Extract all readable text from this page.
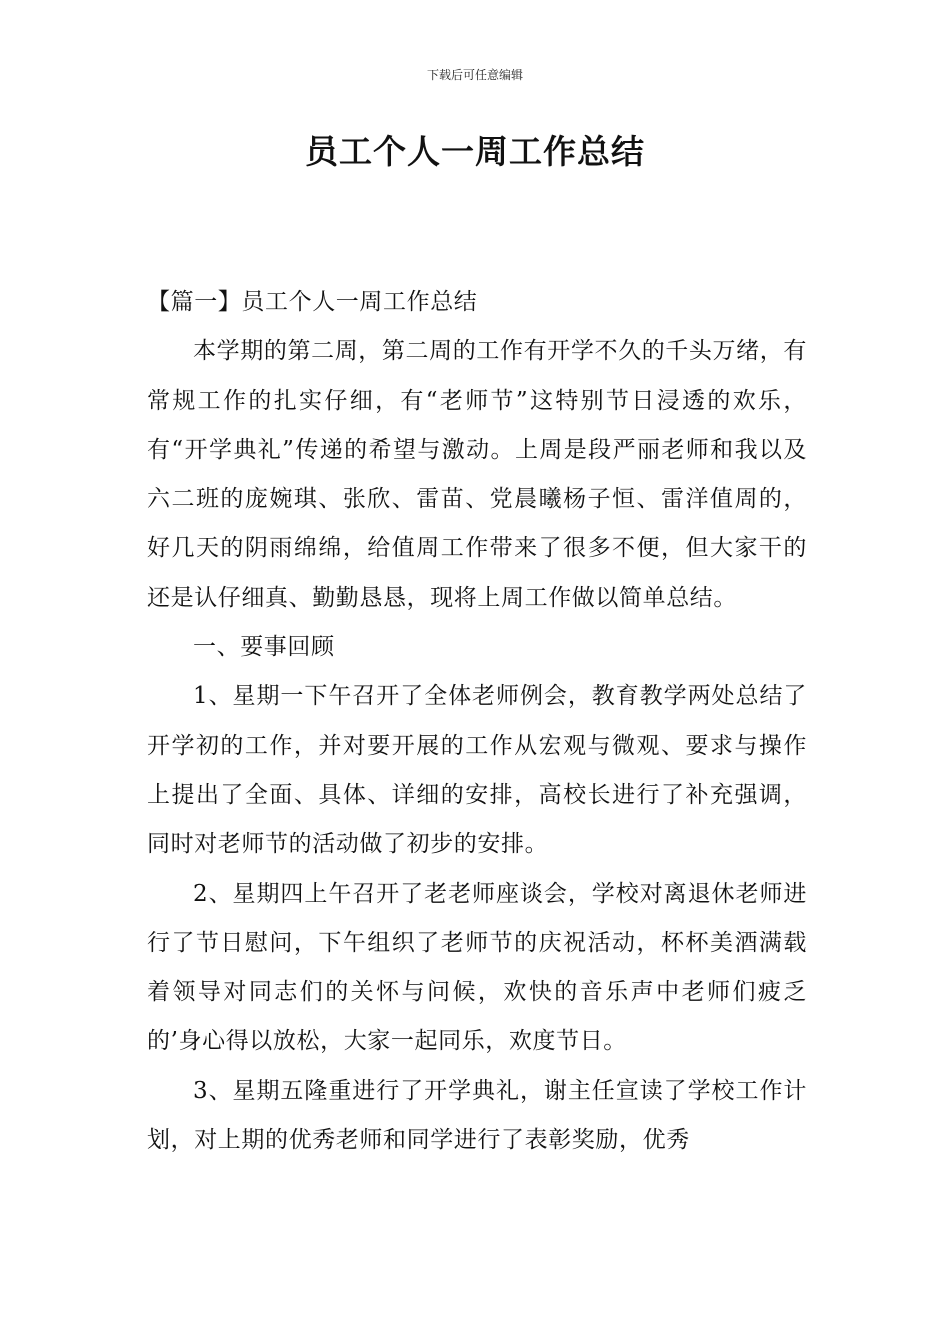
下载后可任意编辑
员工个人一周工作总结

【篇一】员工个人一周工作总结

本学期的第二周，第二周的工作有开学不久的千头万绪，有常规工作的扎实仔细，有“老师节”这特别节日浸透的欢乐，有“开学典礼”传递的希望与激动。上周是段严丽老师和我以及六二班的庞婉琪、张欣、雷苗、党晨曦杨子恒、雷洋值周的，好几天的阴雨绵绵，给值周工作带来了很多不便，但大家干的还是认仔细真、勤勤恳恳，现将上周工作做以简单总结。

一、要事回顾

1、星期一下午召开了全体老师例会，教育教学两处总结了开学初的工作，并对要开展的工作从宏观与微观、要求与操作上提出了全面、具体、详细的安排，高校长进行了补充强调，同时对老师节的活动做了初步的安排。

2、星期四上午召开了老老师座谈会，学校对离退休老师进行了节日慰问，下午组织了老师节的庆祝活动，杯杯美酒满载着领导对同志们的关怀与问候，欢快的音乐声中老师们疲乏的’身心得以放松，大家一起同乐，欢度节日。

3、星期五隆重进行了开学典礼，谢主任宣读了学校工作计划，对上期的优秀老师和同学进行了表彰奖励，优秀
